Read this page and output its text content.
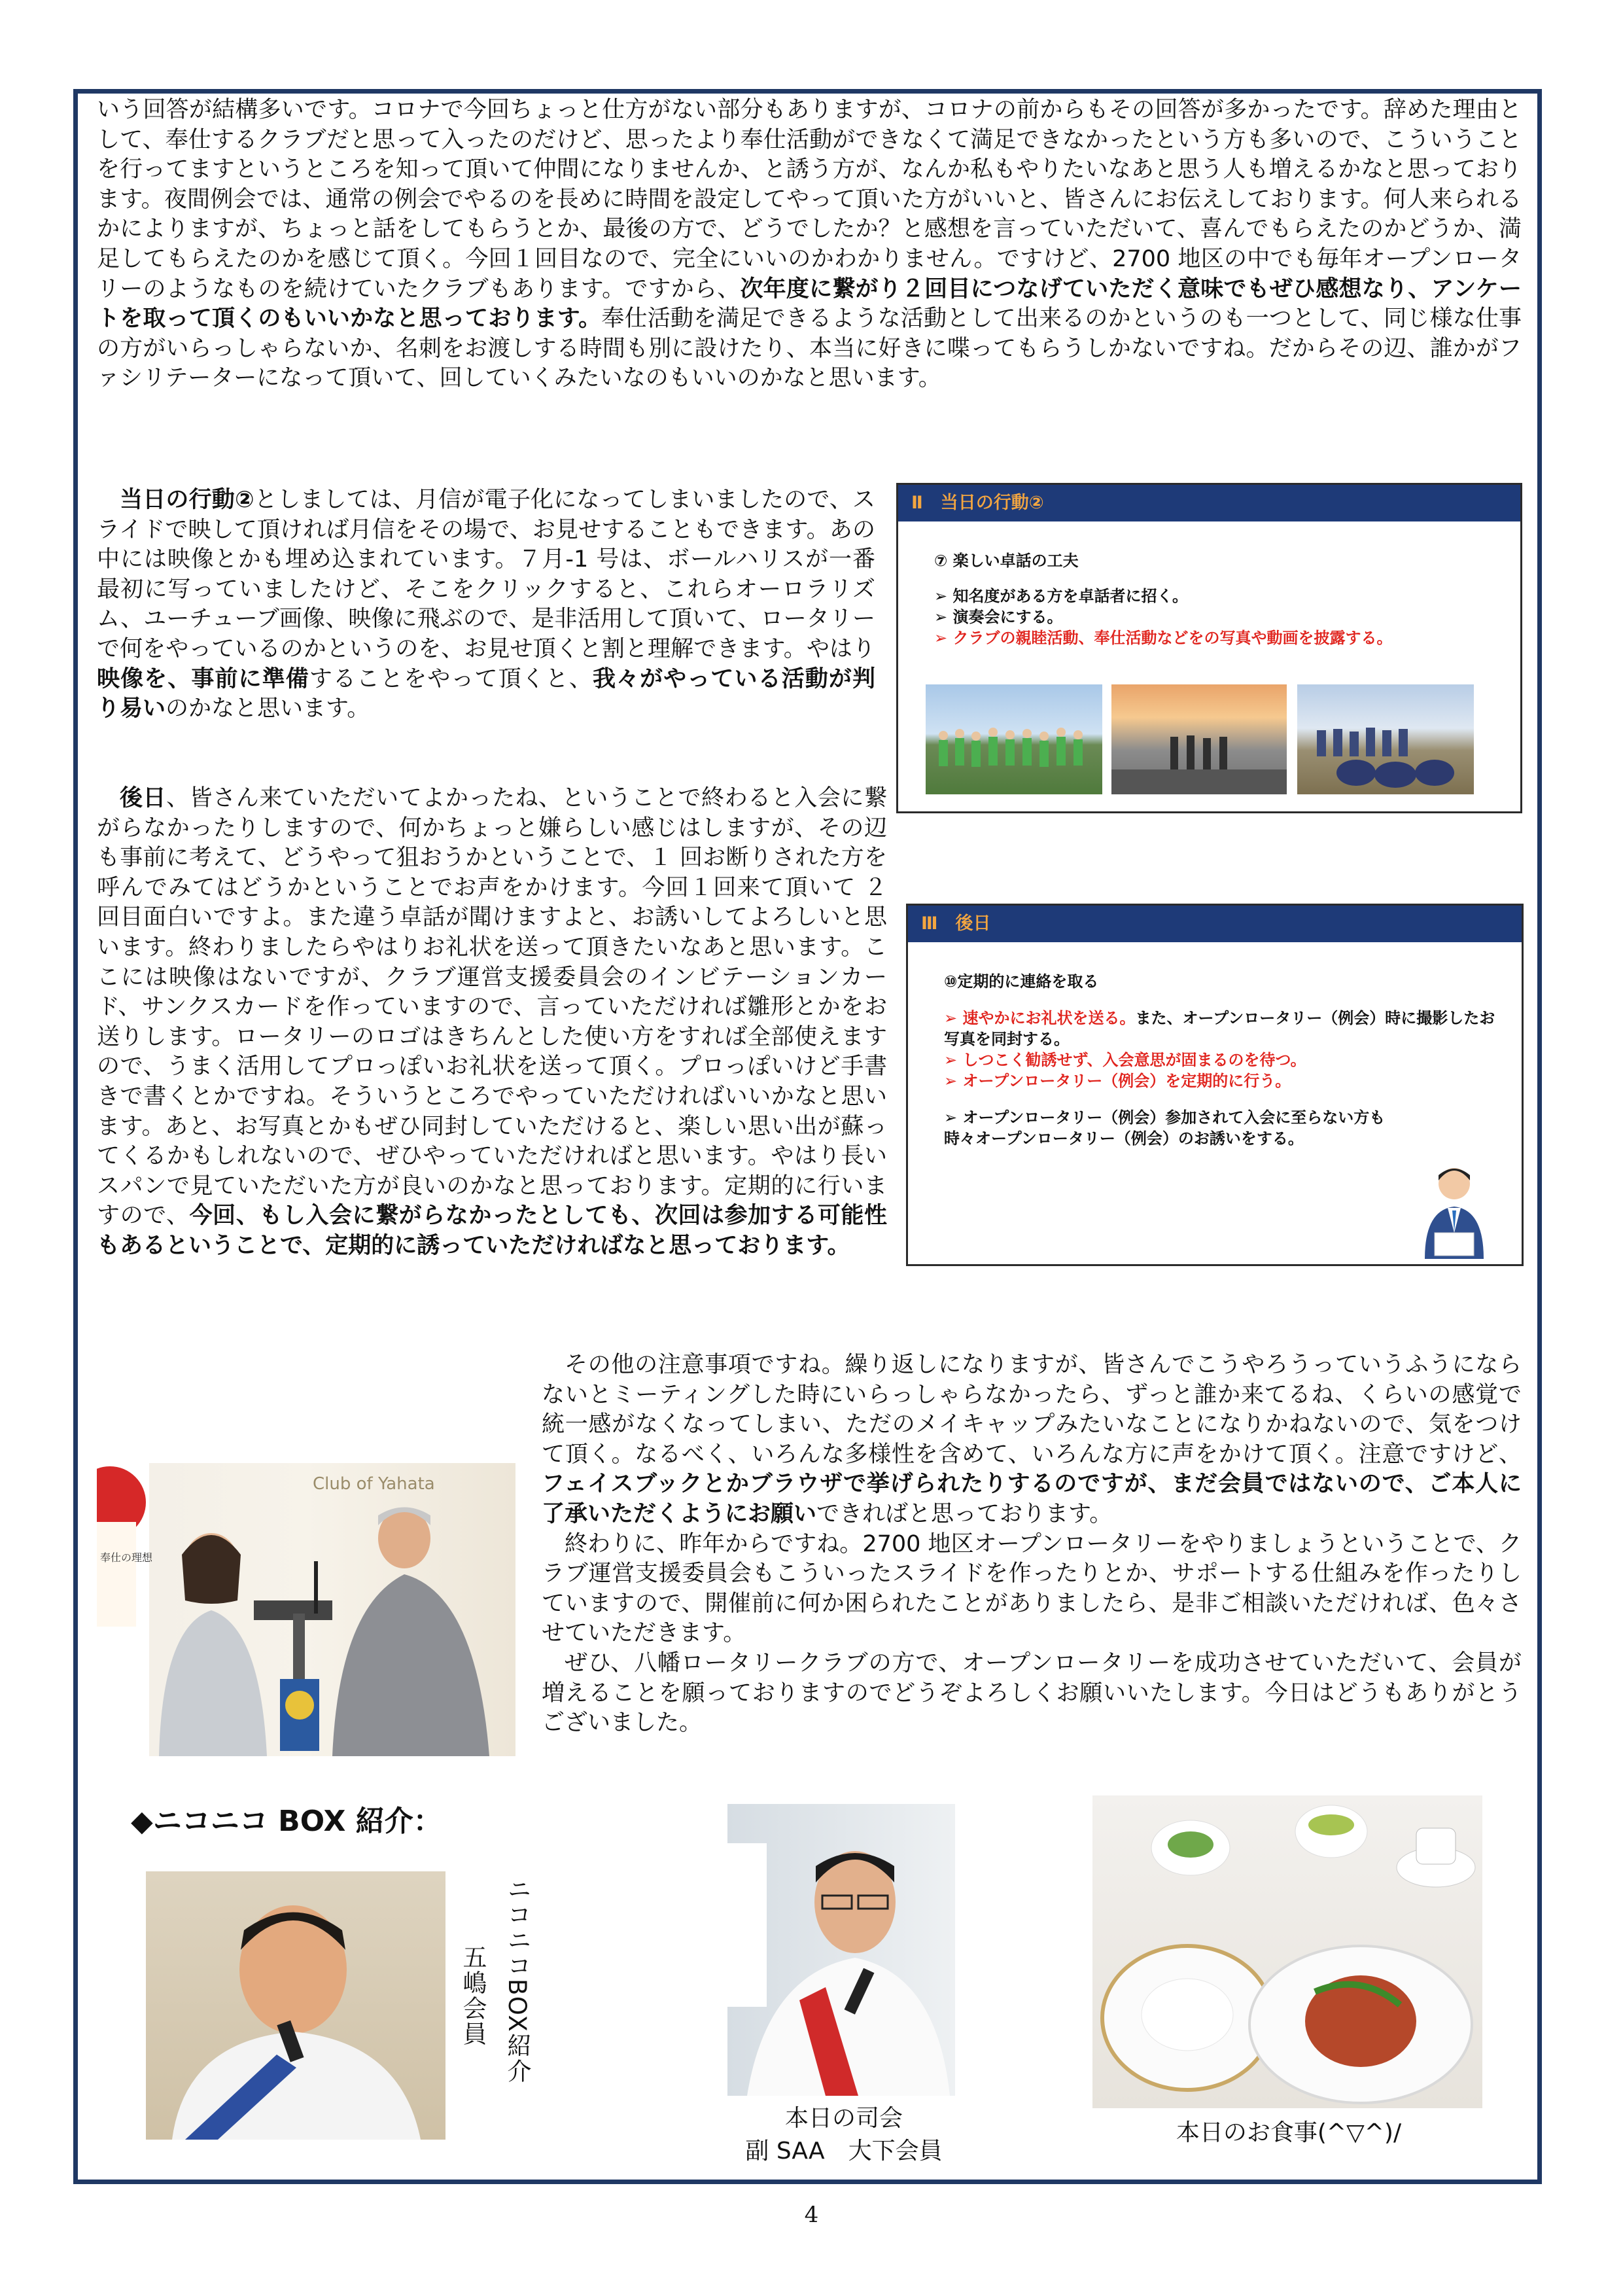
いう回答が結構多いです。コロナで今回ちょっと仕方がない部分もありますが、コロナの前からもその回答が多かったです。辞めた理由として、奉仕するクラブだと思って入ったのだけど、思ったより奉仕活動ができなくて満足できなかったという方も多いので、こういうことを行ってますというところを知って頂いて仲間になりませんか、と誘う方が、なんか私もやりたいなあと思う人も増えるかなと思っております。夜間例会では、通常の例会でやるのを長めに時間を設定してやって頂いた方がいいと、皆さんにお伝えしております。何人来られるかによりますが、ちょっと話をしてもらうとか、最後の方で、どうでしたか？と感想を言っていただいて、喜んでもらえたのかどうか、満足してもらえたのかを感じて頂く。今回１回目なので、完全にいいのかわかりません。ですけど、2700 地区の中でも毎年オープンロータリーのようなものを続けていたクラブもあります。ですから、次年度に繋がり２回目につなげていただく意味でもぜひ感想なり、アンケートを取って頂くのもいいかなと思っております。奉仕活動を満足できるような活動として出来るのかというのも一つとして、同じ様な仕事の方がいらっしゃらないか、名刺をお渡しする時間も別に設けたり、本当に好きに喋ってもらうしかないですね。だからその辺、誰かがファシリテーターになって頂いて、回していくみたいなのもいいのかなと思います。

当日の行動②としましては、月信が電子化になってしまいましたので、スライドで映して頂ければ月信をその場で、お見せすることもできます。あの中には映像とかも埋め込まれています。７月-1 号は、ボールハリスが一番最初に写っていましたけど、そこをクリックすると、これらオーロラリズム、ユーチューブ画像、映像に飛ぶので、是非活用して頂いて、ロータリーで何をやっているのかというのを、お見せ頂くと割と理解できます。やはり映像を、事前に準備することをやって頂くと、我々がやっている活動が判り易いのかなと思います。

Ⅱ　当日の行動②

⑦ 楽しい卓話の工夫

➢ 知名度がある方を卓話者に招く。

➢ 演奏会にする。

➢ クラブの親睦活動、奉仕活動などをの写真や動画を披露する。

後日、皆さん来ていただいてよかったね、ということで終わると入会に繋がらなかったりしますので、何かちょっと嫌らしい感じはしますが、その辺も事前に考えて、どうやって狙おうかということで、１ 回お断りされた方を呼んでみてはどうかということでお声をかけます。今回１回来て頂いて ２ 回目面白いですよ。また違う卓話が聞けますよと、お誘いしてよろしいと思います。終わりましたらやはりお礼状を送って頂きたいなあと思います。ここには映像はないですが、クラブ運営支援委員会のインビテーションカード、サンクスカードを作っていますので、言っていただければ雛形とかをお送りします。ロータリーのロゴはきちんとした使い方をすれば全部使えますので、うまく活用してプロっぽいお礼状を送って頂く。プロっぽいけど手書きで書くとかですね。そういうところでやっていただければいいかなと思います。あと、お写真とかもぜひ同封していただけると、楽しい思い出が蘇ってくるかもしれないので、ぜひやっていただければと思います。やはり長いスパンで見ていただいた方が良いのかなと思っております。定期的に行いますので、今回、もし入会に繋がらなかったとしても、次回は参加する可能性もあるということで、定期的に誘っていただければなと思っております。

Ⅲ　後日

⑩定期的に連絡を取る

➢ 速やかにお礼状を送る。また、オープンロータリー（例会）時に撮影したお写真を同封する。

➢ しつこく勧誘せず、入会意思が固まるのを待つ。

➢ オープンロータリー（例会）を定期的に行う。

➢ オープンロータリー（例会）参加されて入会に至らない方も時々オープンロータリー（例会）のお誘いをする。

奉仕の理想
Club of Yahata

その他の注意事項ですね。繰り返しになりますが、皆さんでこうやろうっていうふうにならないとミーティングした時にいらっしゃらなかったら、ずっと誰か来てるね、くらいの感覚で統一感がなくなってしまい、ただのメイキャップみたいなことになりかねないので、気をつけて頂く。なるべく、いろんな多様性を含めて、いろんな方に声をかけて頂く。注意ですけど、フェイスブックとかブラウザで挙げられたりするのですが、まだ会員ではないので、ご本人に了承いただくようにお願いできればと思っております。

終わりに、昨年からですね。2700 地区オープンロータリーをやりましょうということで、クラブ運営支援委員会もこういったスライドを作ったりとか、サポートする仕組みを作ったりしていますので、開催前に何か困られたことがありましたら、是非ご相談いただければ、色々させていただきます。

ぜひ、八幡ロータリークラブの方で、オープンロータリーを成功させていただいて、会員が増えることを願っておりますのでどうぞよろしくお願いいたします。今日はどうもありがとうございました。

◆ニコニコ BOX 紹介：
ニコニコBOX紹介
五嶋会員
本日の司会
副 SAA　大下会員
本日のお食事(^▽^)/
4
